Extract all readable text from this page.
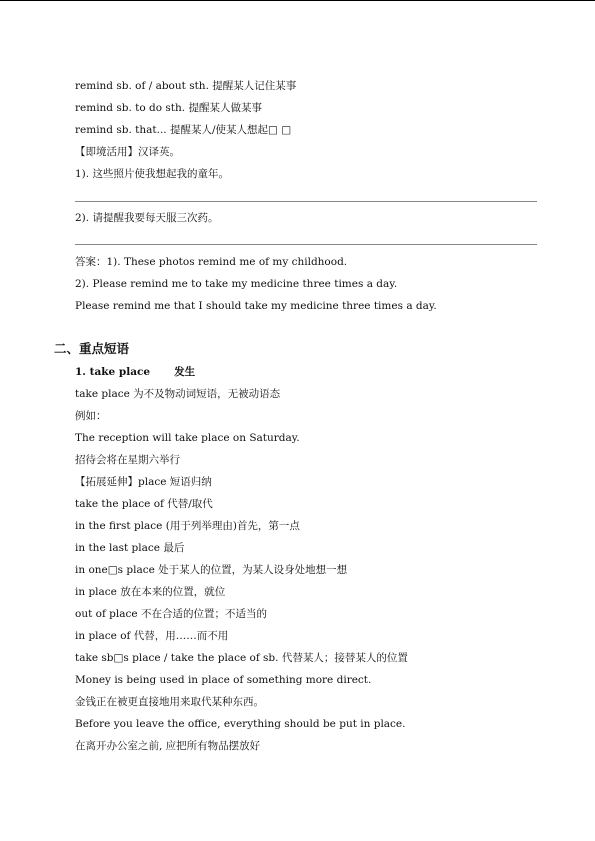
remind sb. of / about sth. 提醒某人记住某事
remind sb. to do sth. 提醒某人做某事
remind sb. that... 提醒某人/使某人想起□ □
【即境活用】汉译英。
1). 这些照片使我想起我的童年。
2). 请提醒我要每天服三次药。
答案：1). These photos remind me of my childhood.
2). Please remind me to take my medicine three times a day.
Please remind me that I should take my medicine three times a day.
二、重点短语
1. take place 发生
take place 为不及物动词短语，无被动语态
例如：
The reception will take place on Saturday.
招待会将在星期六举行
【拓展延伸】place 短语归纳
take the place of 代替/取代
in the first place (用于列举理由)首先，第一点
in the last place 最后
in one□s place 处于某人的位置，为某人设身处地想一想
in place 放在本来的位置，就位
out of place 不在合适的位置；不适当的
in place of 代替，用……而不用
take sb□s place / take the place of sb. 代替某人；接替某人的位置
Money is being used in place of something more direct.
金钱正在被更直接地用来取代某种东西。
Before you leave the office, everything should be put in place.
在离开办公室之前, 应把所有物品摆放好
